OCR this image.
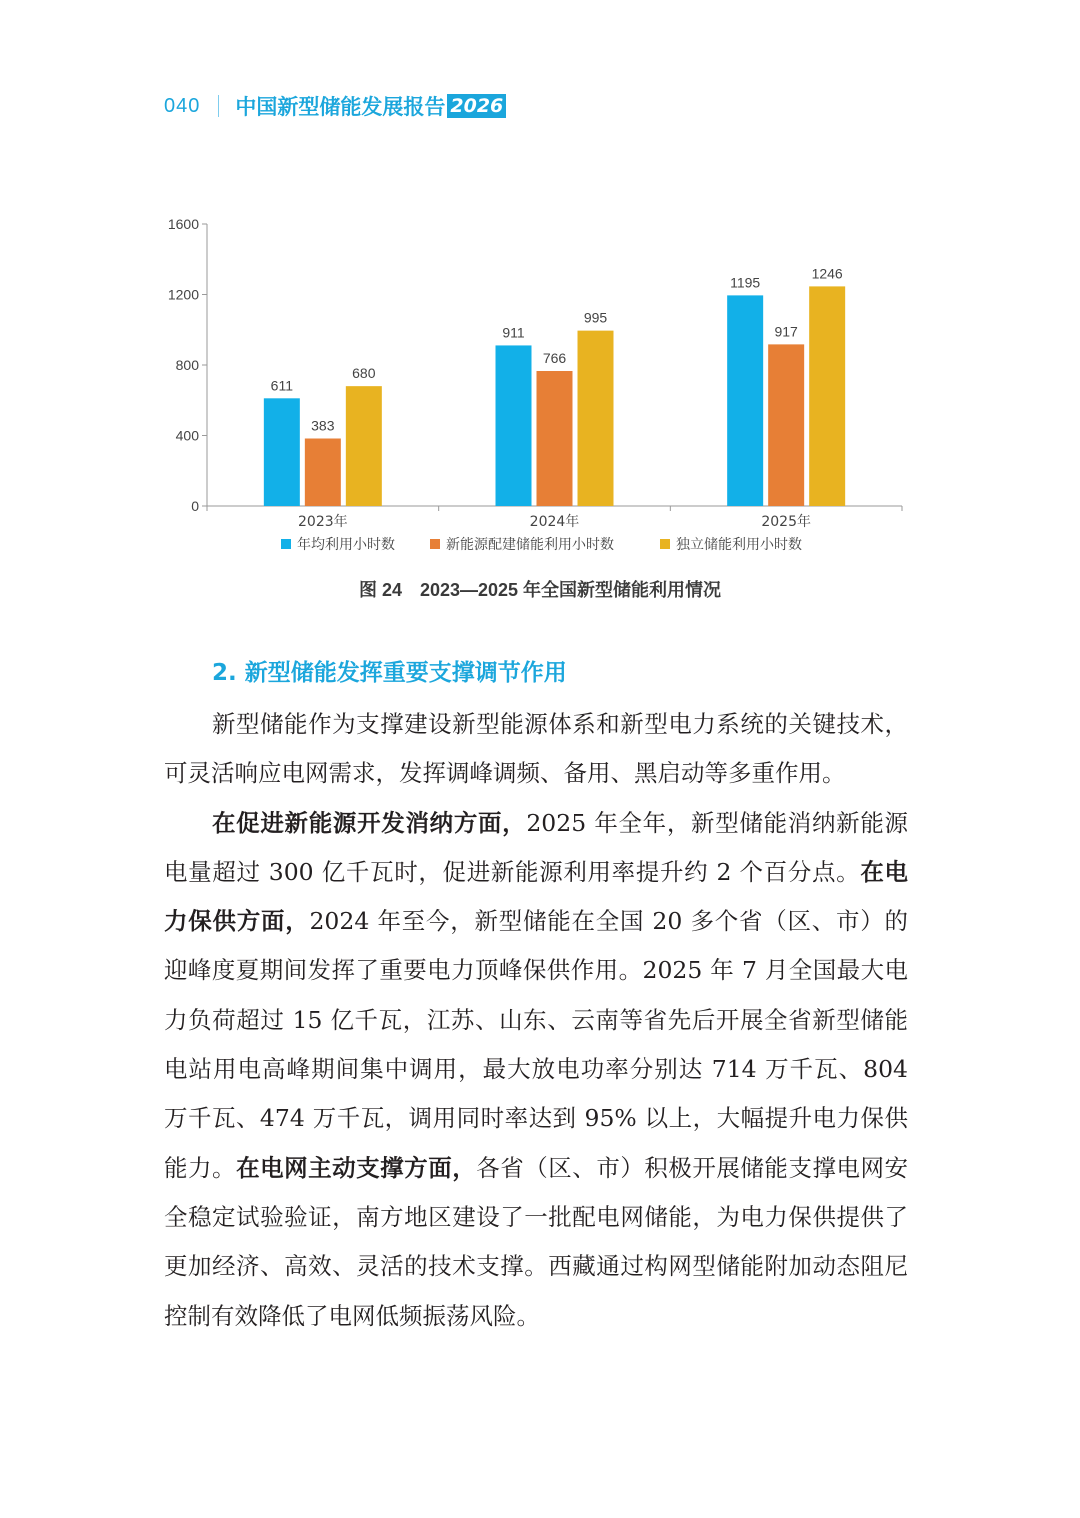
040 中国新型储能发展报告 2026
0
400
800
1200
1600
611
383
680
2023年
911
766
995
2024年
1195
917
1246
2025年
年均利用小时数	新能源配建储能利用小时数	独立储能利用小时数
图 24　2023—2025 年全国新型储能利用情况
2. 新型储能发挥重要支撑调节作用

新型储能作为支撑建设新型能源体系和新型电力系统的关键技术，可灵活响应电网需求，发挥调峰调频、备用、黑启动等多重作用。

在促进新能源开发消纳方面，2025 年全年，新型储能消纳新能源电量超过 300 亿千瓦时，促进新能源利用率提升约 2 个百分点。在电力保供方面，2024 年至今，新型储能在全国 20 多个省（区、市）的迎峰度夏期间发挥了重要电力顶峰保供作用。2025 年 7 月全国最大电力负荷超过 15 亿千瓦，江苏、山东、云南等省先后开展全省新型储能电站用电高峰期间集中调用，最大放电功率分别达 714 万千瓦、804 万千瓦、474 万千瓦，调用同时率达到 95% 以上，大幅提升电力保供能力。在电网主动支撑方面，各省（区、市）积极开展储能支撑电网安全稳定试验验证，南方地区建设了一批配电网储能，为电力保供提供了更加经济、高效、灵活的技术支撑。西藏通过构网型储能附加动态阻尼控制有效降低了电网低频振荡风险。
